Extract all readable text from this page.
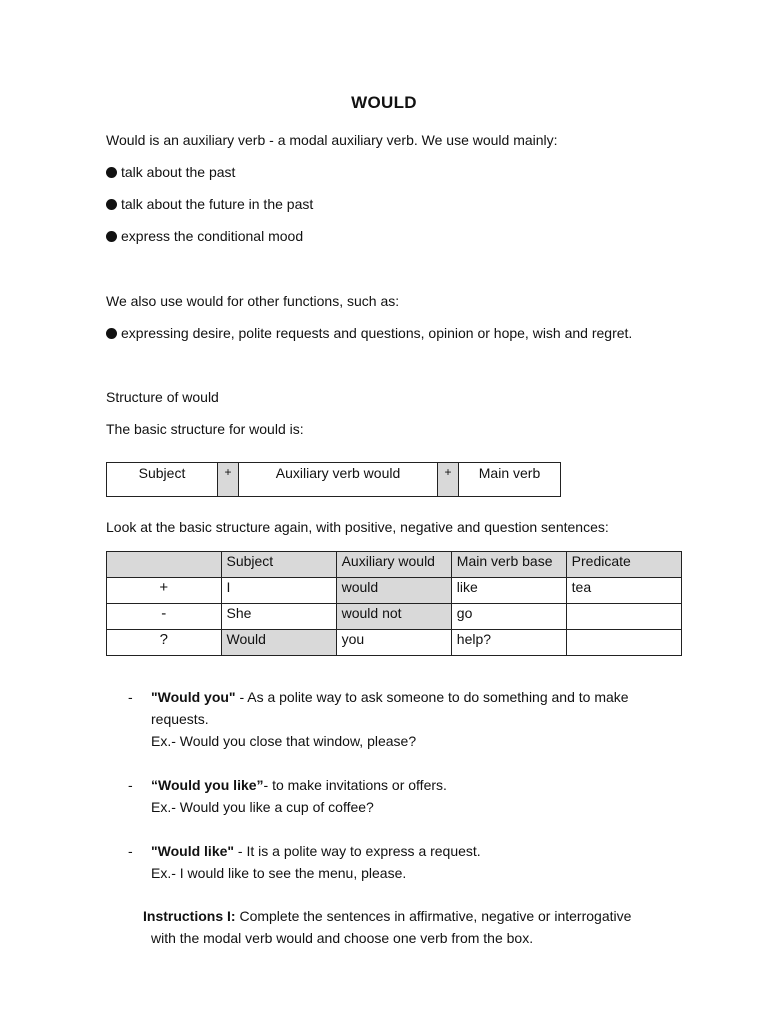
WOULD

Would is an auxiliary verb - a modal auxiliary verb. We use would mainly:

talk about the past

talk about the future in the past

express the conditional mood

We also use would for other functions, such as:

expressing desire, polite requests and questions, opinion or hope, wish and regret.

Structure of would

The basic structure for would is:

Subject	+	Auxiliary verb would	+	Main verb

Look at the basic structure again, with positive, negative and question sentences:

	Subject	Auxiliary would	Main verb base	Predicate
+	I	would	like	tea
-	She	would not	go	
?	Would	you	help?	

- "Would you" - As a polite way to ask someone to do something and to make
requests.
Ex.- Would you close that window, please?

- “Would you like”- to make invitations or offers.
Ex.- Would you like a cup of coffee?

- "Would like" - It is a polite way to express a request.
Ex.- I would like to see the menu, please.
Instructions I: Complete the sentences in affirmative, negative or interrogative
with the modal verb would and choose one verb from the box.
